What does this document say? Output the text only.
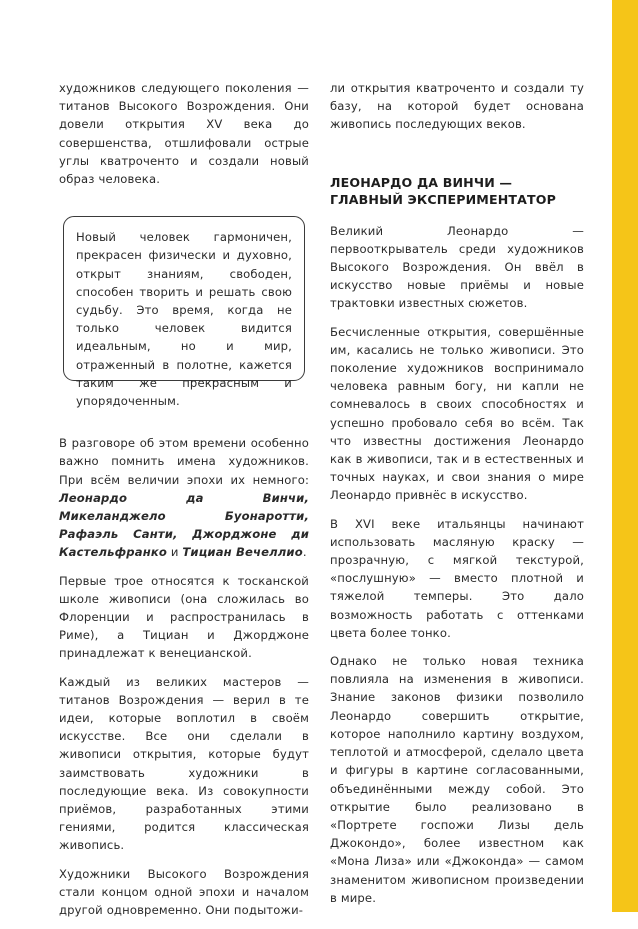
художников следующего поколения — титанов Высокого Возрождения. Они довели открытия XV века до совершенства, отшлифовали острые углы кватроченто и создали новый образ человека.

Новый человек гармоничен, прекрасен физически и духовно, открыт знаниям, свободен, способен творить и решать свою судьбу. Это время, когда не только человек видится идеальным, но и мир, отраженный в полотне, кажется таким же прекрасным и упорядоченным.

В разговоре об этом времени особенно важно помнить имена художников. При всём величии эпохи их немного: Леонардо да Винчи, Микеланджело Буонаротти, Рафаэль Санти, Джорджоне ди Кастельфранко и Тициан Вечеллио.

Первые трое относятся к тосканской школе живописи (она сложилась во Флоренции и распространилась в Риме), а Тициан и Джорджоне принадлежат к венецианской.

Каждый из великих мастеров — титанов Возрождения — верил в те идеи, которые воплотил в своём искусстве. Все они сделали в живописи открытия, которые будут заимствовать художники в последующие века. Из совокупности приёмов, разработанных этими гениями, родится классическая живопись.

Художники Высокого Возрождения стали концом одной эпохи и началом другой одновременно. Они подытожи-

ли открытия кватроченто и создали ту базу, на которой будет основана живопись последующих веков.

ЛЕОНАРДО ДА ВИНЧИ —
ГЛАВНЫЙ ЭКСПЕРИМЕНТАТОР

Великий Леонардо — первооткрыватель среди художников Высокого Возрождения. Он ввёл в искусство новые приёмы и новые трактовки известных сюжетов.

Бесчисленные открытия, совершённые им, касались не только живописи. Это поколение художников воспринимало человека равным богу, ни капли не сомневалось в своих способностях и успешно пробовало себя во всём. Так что известны достижения Леонардо как в живописи, так и в естественных и точных науках, и свои знания о мире Леонардо привнёс в искусство.

В XVI веке итальянцы начинают использовать масляную краску — прозрачную, с мягкой текстурой, «послушную» — вместо плотной и тяжелой темперы. Это дало возможность работать с оттенками цвета более тонко.

Однако не только новая техника повлияла на изменения в живописи. Знание законов физики позволило Леонардо совершить открытие, которое наполнило картину воздухом, теплотой и атмосферой, сделало цвета и фигуры в картине согласованными, объединёнными между собой. Это открытие было реализовано в «Портрете госпожи Лизы дель Джокондо», более известном как «Мона Лиза» или «Джоконда» — самом знаменитом живописном произведении в мире.
